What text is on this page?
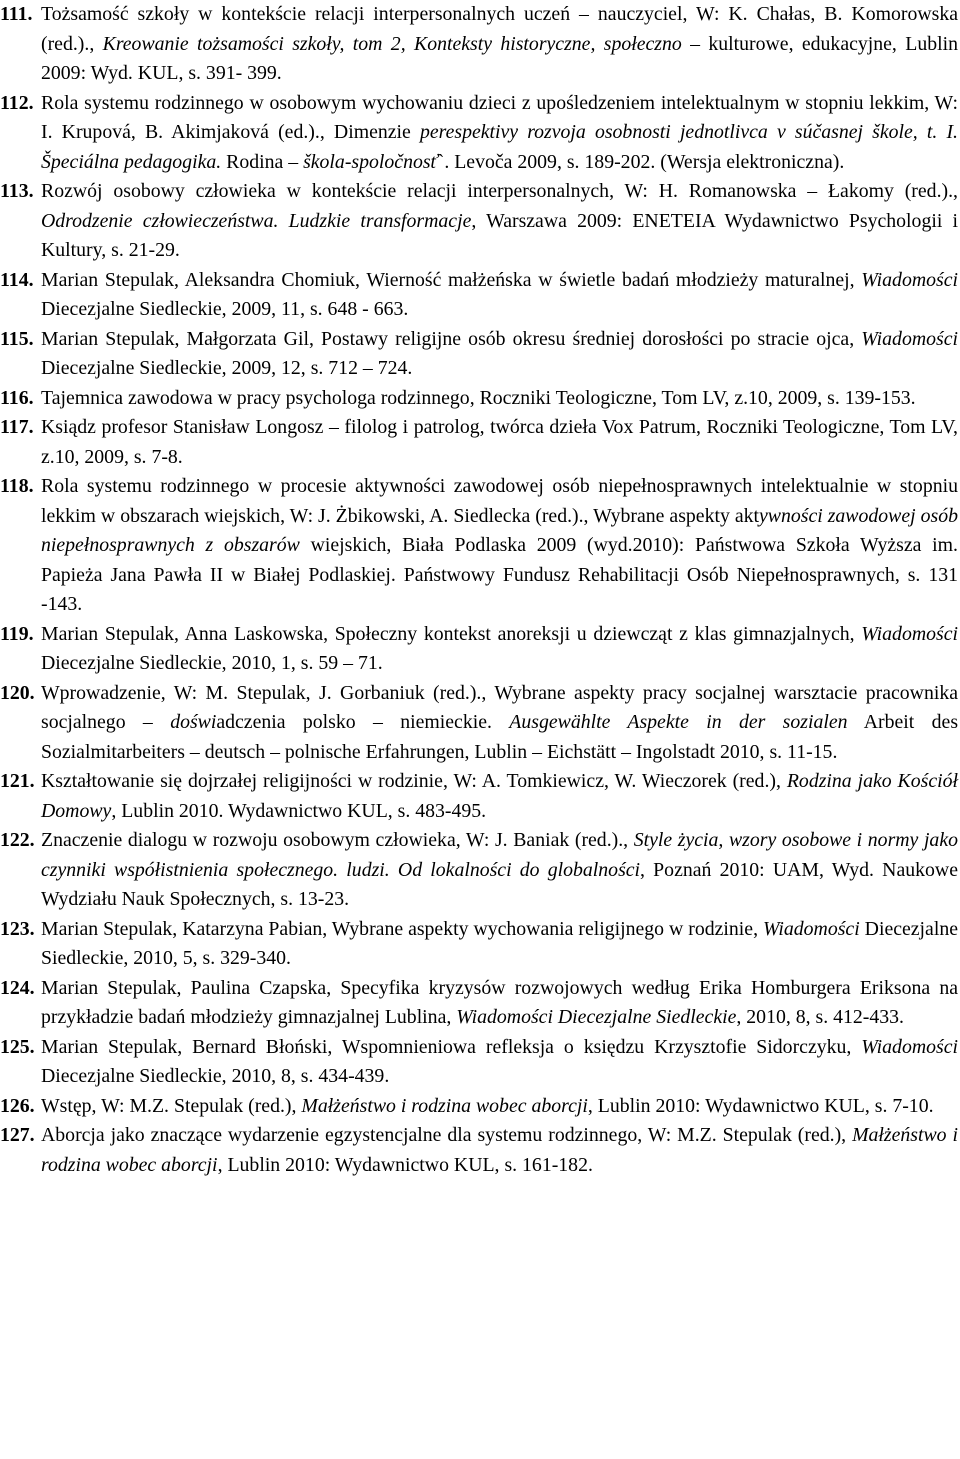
111. Tożsamość szkoły w kontekście relacji interpersonalnych uczeń – nauczyciel, W: K. Chałas, B. Komorowska (red.)., Kreowanie tożsamości szkoły, tom 2, Konteksty historyczne, społeczno – kulturowe, edukacyjne, Lublin 2009: Wyd. KUL, s. 391- 399.
112. Rola systemu rodzinnego w osobowym wychowaniu dzieci z upośledzeniem intelektualnym w stopniu lekkim, W: I. Krupová, B. Akimjaková (ed.)., Dimenzie perespektivy rozvoja osobnosti jednotlivca v súčasnej škole, t. I. Špeciálna pedagogika. Rodina – škola-spoločnosť`. Levoča 2009, s. 189-202. (Wersja elektroniczna).
113. Rozwój osobowy człowieka w kontekście relacji interpersonalnych, W: H. Romanowska – Łakomy (red.)., Odrodzenie człowieczeństwa. Ludzkie transformacje, Warszawa 2009: ENETEIA Wydawnictwo Psychologii i Kultury, s. 21-29.
114. Marian Stepulak, Aleksandra Chomiuk, Wierność małżeńska w świetle badań młodzieży maturalnej, Wiadomości Diecezjalne Siedleckie, 2009, 11, s. 648 - 663.
115. Marian Stepulak, Małgorzata Gil, Postawy religijne osób okresu średniej dorosłości po stracie ojca, Wiadomości Diecezjalne Siedleckie, 2009, 12, s. 712 – 724.
116. Tajemnica zawodowa w pracy psychologa rodzinnego, Roczniki Teologiczne, Tom LV, z.10, 2009, s. 139-153.
117. Ksiądz profesor Stanisław Longosz – filolog i patrolog, twórca dzieła Vox Patrum, Roczniki Teologiczne, Tom LV, z.10, 2009, s. 7-8.
118. Rola systemu rodzinnego w procesie aktywności zawodowej osób niepełnosprawnych intelektualnie w stopniu lekkim w obszarach wiejskich, W: J. Żbikowski, A. Siedlecka (red.)., Wybrane aspekty aktywności zawodowej osób niepełnosprawnych z obszarów wiejskich, Biała Podlaska 2009 (wyd.2010): Państwowa Szkoła Wyższa im. Papieża Jana Pawła II w Białej Podlaskiej. Państwowy Fundusz Rehabilitacji Osób Niepełnosprawnych, s. 131 -143.
119. Marian Stepulak, Anna Laskowska, Społeczny kontekst anoreksji u dziewcząt z klas gimnazjalnych, Wiadomości Diecezjalne Siedleckie, 2010, 1, s. 59 – 71.
120. Wprowadzenie, W: M. Stepulak, J. Gorbaniuk (red.)., Wybrane aspekty pracy socjalnej warsztacie pracownika socjalnego – doświadczenia polsko – niemieckie. Ausgewählte Aspekte in der sozialen Arbeit des Sozialmitarbeiters – deutsch – polnische Erfahrungen, Lublin – Eichstätt – Ingolstadt 2010, s. 11-15.
121. Kształtowanie się dojrzałej religijności w rodzinie, W: A. Tomkiewicz, W. Wieczorek (red.), Rodzina jako Kościół Domowy, Lublin 2010. Wydawnictwo KUL, s. 483-495.
122. Znaczenie dialogu w rozwoju osobowym człowieka, W: J. Baniak (red.)., Style życia, wzory osobowe i normy jako czynniki współistnienia społecznego. ludzi. Od lokalności do globalności, Poznań 2010: UAM, Wyd. Naukowe Wydziału Nauk Społecznych, s. 13-23.
123. Marian Stepulak, Katarzyna Pabian, Wybrane aspekty wychowania religijnego w rodzinie, Wiadomości Diecezjalne Siedleckie, 2010, 5, s. 329-340.
124. Marian Stepulak, Paulina Czapska, Specyfika kryzysów rozwojowych według Erika Homburgera Eriksona na przykładzie badań młodzieży gimnazjalnej Lublina, Wiadomości Diecezjalne Siedleckie, 2010, 8, s. 412-433.
125. Marian Stepulak, Bernard Błoński, Wspomnieniowa refleksja o księdzu Krzysztofie Sidorczyku, Wiadomości Diecezjalne Siedleckie, 2010, 8, s. 434-439.
126. Wstęp, W: M.Z. Stepulak (red.), Małżeństwo i rodzina wobec aborcji, Lublin 2010: Wydawnictwo KUL, s. 7-10.
127. Aborcja jako znaczące wydarzenie egzystencjalne dla systemu rodzinnego, W: M.Z. Stepulak (red.), Małżeństwo i rodzina wobec aborcji, Lublin 2010: Wydawnictwo KUL, s. 161-182.
